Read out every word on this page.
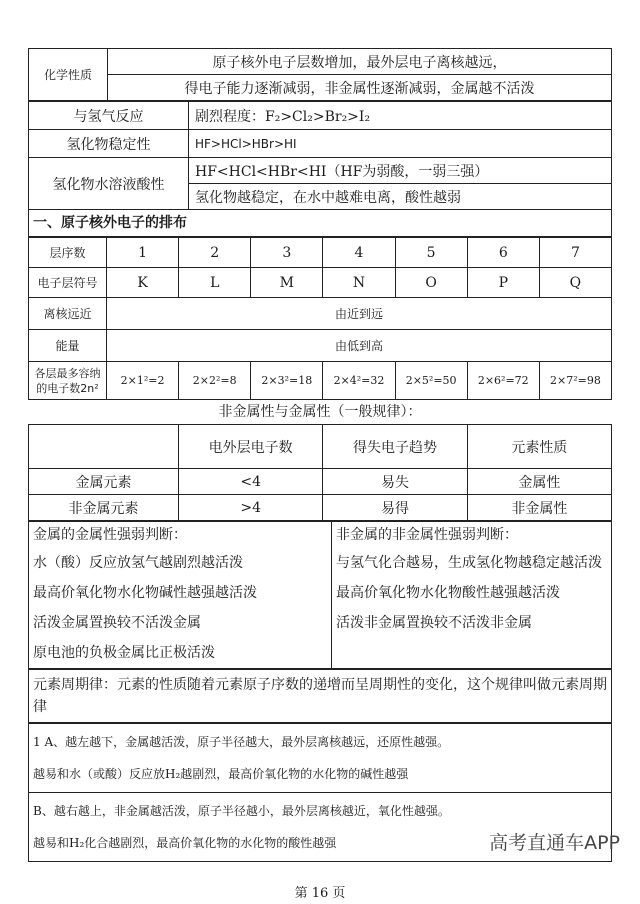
化学性质	原子核外电子层数增加，最外层电子离核越远，
得电子能力逐渐减弱，非金属性逐渐减弱，金属越不活泼
与氢气反应	剧烈程度：F₂>Cl₂>Br₂>I₂
氢化物稳定性	HF>HCl>HBr>HI
氢化物水溶液酸性	HF<HCl<HBr<HI（HF为弱酸，一弱三强）
	氢化物越稳定，在水中越难电离，酸性越弱
一、原子核外电子的排布
层序数	1	2	3	4	5	6	7
电子层符号	K	L	M	N	O	P	Q
离核远近	由近到远						
能量	由低到高						
各层最多容纳的电子数2n²	2×1²=2	2×2²=8	2×3²=18	2×4²=32	2×5²=50	2×6²=72	2×7²=98
非金属性与金属性（一般规律）：
	电外层电子数	得失电子趋势	元素性质
金属元素	<4	易失	金属性
非金属元素	>4	易得	非金属性
金属的金属性强弱判断：
水（酸）反应放氢气越剧烈越活泼
最高价氧化物水化物碱性越强越活泼
活泼金属置换较不活泼金属
原电池的负极金属比正极活泼

非金属的非金属性强弱判断：
与氢气化合越易，生成氢化物越稳定越活泼
最高价氧化物水化物酸性越强越活泼
活泼非金属置换较不活泼非金属
元素周期律：元素的性质随着元素原子序数的递增而呈周期性的变化，这个规律叫做元素周期律
1 A、越左越下，金属越活泼，原子半径越大，最外层离核越远，还原性越强。
越易和水（或酸）反应放H₂越剧烈，最高价氧化物的水化物的碱性越强

B、越右越上，非金属越活泼，原子半径越小，最外层离核越近，氧化性越强。
越易和H₂化合越剧烈，最高价氧化物的水化物的酸性越强	高考直通车APP
第 16 页
